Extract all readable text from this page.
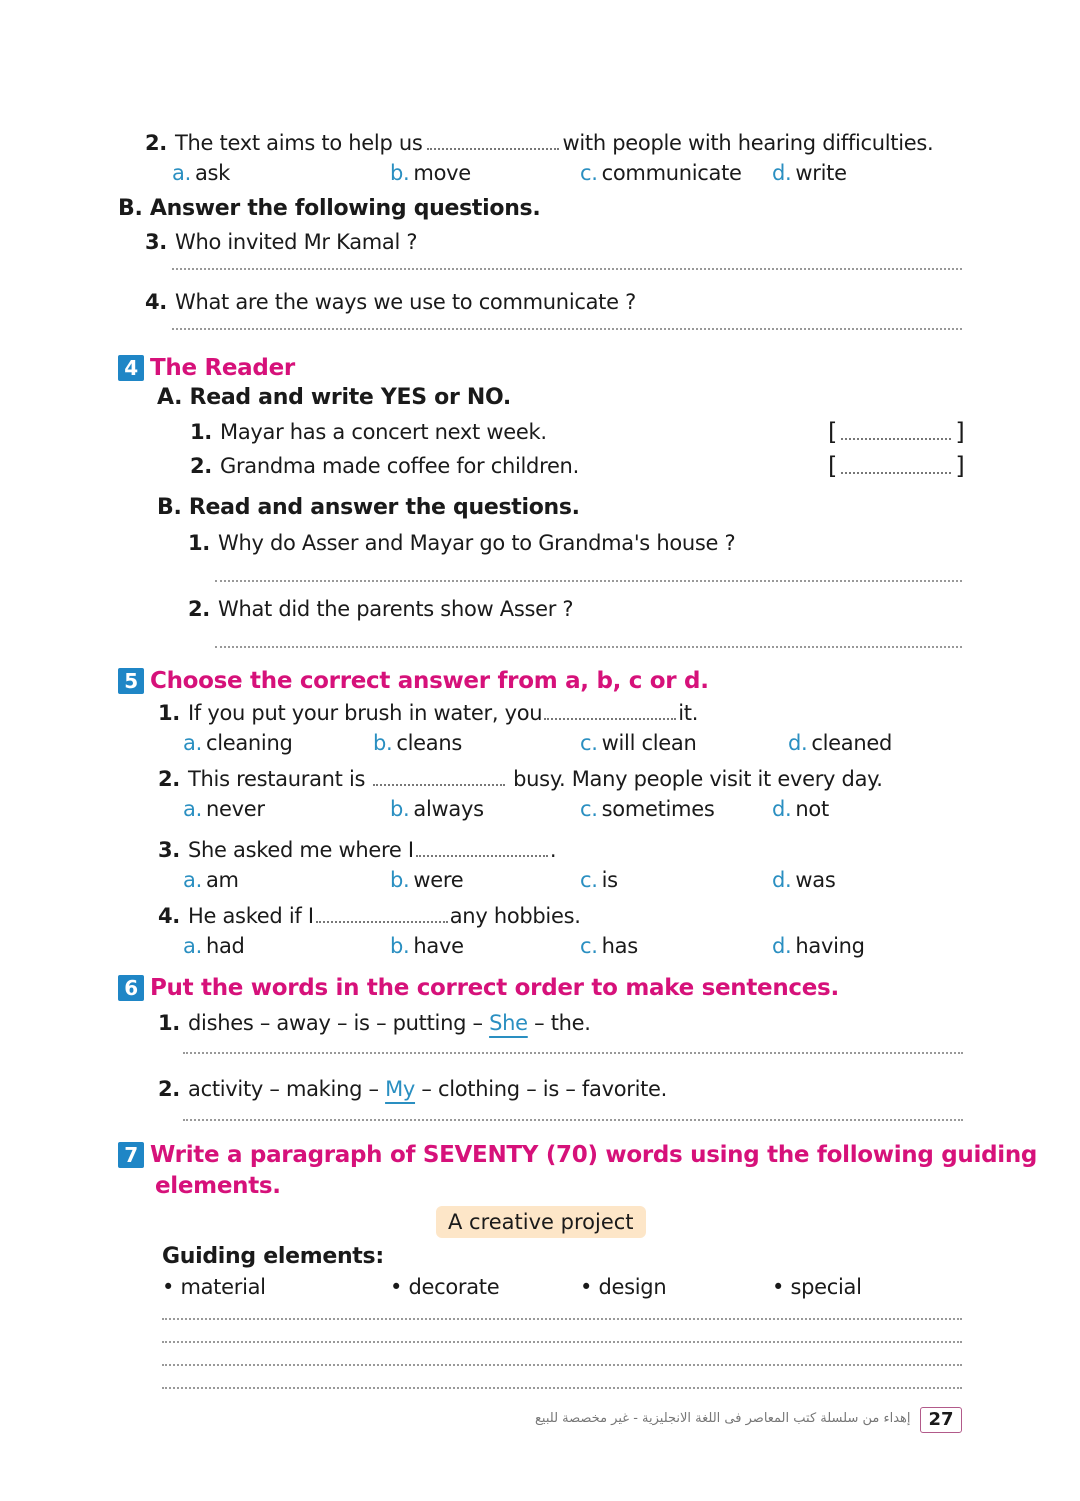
2. The text aims to help us	with people with hearing difficulties.
a. ask	b. move	c. communicate d. write
B. Answer the following questions.
3. Who invited Mr Kamal ?
4. What are the ways we use to communicate ?
4 The Reader
A. Read and write YES or NO.
1. Mayar has a concert next week.	[	]
2. Grandma made coffee for children.	[	]
B. Read and answer the questions.
1. Why do Asser and Mayar go to Grandma's house ?
2. What did the parents show Asser ?
5 Choose the correct answer from a, b, c or d.
1. If you put your brush in water, you	it.
a. cleaning	b. cleans	c. will clean	d. cleaned
2. This restaurant is	busy. Many people visit it every day.
a. never	b. always	c. sometimes	d. not
3. She asked me where I	.
a. am	b. were	c. is	d. was
4. He asked if I	any hobbies.
a. had	b. have	c. has	d. having
6 Put the words in the correct order to make sentences.
1. dishes – away – is – putting – She – the.
2. activity – making – My – clothing – is – favorite.
7 Write a paragraph of SEVENTY (70) words using the following guiding
elements.
A creative project
Guiding elements:
• material	• decorate	• design	• special
إهداء من سلسلة كتب المعاصر فى اللغة الانجليزية - غير مخصصة للبيع 27
